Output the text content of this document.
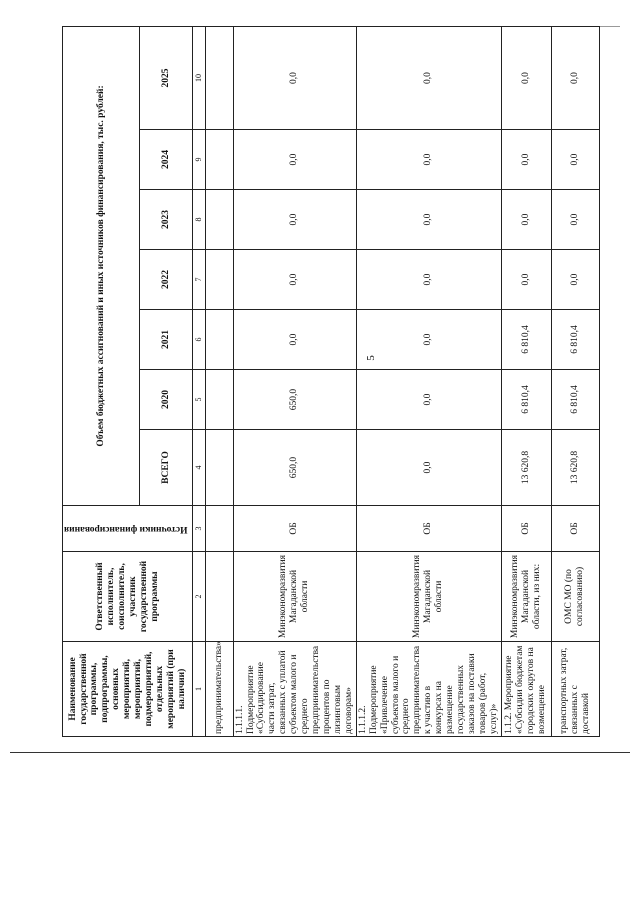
5
Наименование государственной программы, подпрограммы, основных мероприятий, мероприятий, подмероприятий, отдельных мероприятий (при наличии)	Ответственный исполнитель, соисполнитель, участник государственной программы	Источники финансирования	Объем бюджетных ассигнований и иных источников финансирования, тыс. рублей:						
			ВСЕГО	2020	2021	2022	2023	2024	2025
1	2	3	4	5	6	7	8	9	10
предпринимательства»									
1.1.1.1. Подмероприятие «Субсидирование части затрат, связанных с уплатой субъектом малого и среднего предпринимательства процентов по лизинговым договорам»	Минэкономразвития Магаданской области	ОБ	650,0	650,0	0,0	0,0	0,0	0,0	0,0
1.1.1.2. Подмероприятие «Привлечение субъектов малого и среднего предпринимательства к участию в конкурсах на размещение государственных заказов на поставки товаров (работ, услуг)»	Минэкономразвития Магаданской области	ОБ	0,0	0,0	0,0	0,0	0,0	0,0	0,0
1.1.2. Мероприятие «Субсидии бюджетам городских округов на возмещение	Минэкономразвития Магаданской области, из них:	ОБ	13 620,8	6 810,4	6 810,4	0,0	0,0	0,0	0,0
транспортных затрат, связанных с доставкой	ОМС МО (по согласованию)	ОБ	13 620,8	6 810,4	6 810,4	0,0	0,0	0,0	0,0
